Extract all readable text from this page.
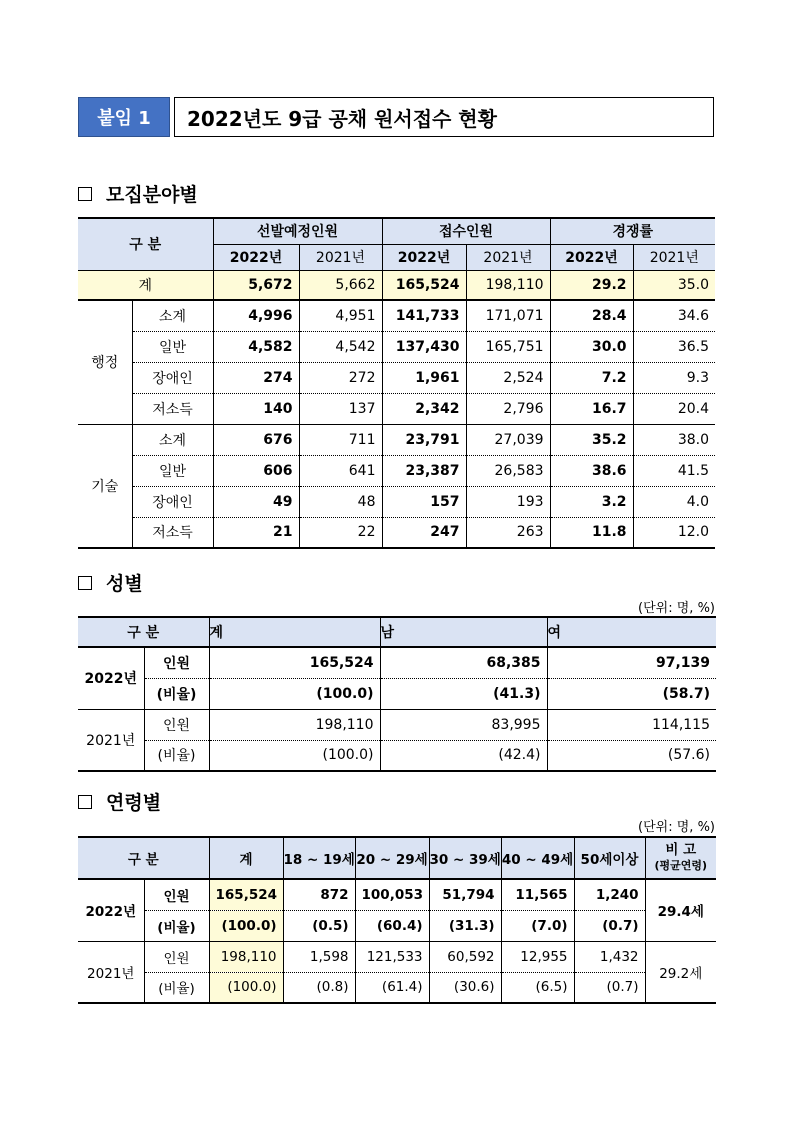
붙임 1	2022년도 9급 공채 원서접수 현황
모집분야별
구 분		선발예정인원		접수인원		경쟁률	
		2022년	2021년	2022년	2021년	2022년	2021년
계		5,672	5,662	165,524	198,110	29.2	35.0
행정	소계	4,996	4,951	141,733	171,071	28.4	34.6
	일반	4,582	4,542	137,430	165,751	30.0	36.5
	장애인	274	272	1,961	2,524	7.2	9.3
	저소득	140	137	2,342	2,796	16.7	20.4
기술	소계	676	711	23,791	27,039	35.2	38.0
	일반	606	641	23,387	26,583	38.6	41.5
	장애인	49	48	157	193	3.2	4.0
	저소득	21	22	247	263	11.8	12.0
성별
(단위: 명, %)
구 분		계	남	여
2022년	인원	165,524	68,385	97,139
	(비율)	(100.0)	(41.3)	(58.7)
2021년	인원	198,110	83,995	114,115
	(비율)	(100.0)	(42.4)	(57.6)
연령별
(단위: 명, %)
구 분		계	18 ~ 19세	20 ~ 29세	30 ~ 39세	40 ~ 49세	50세이상	비 고
(평균연령)

2022년	인원	165,524	872	100,053	51,794	11,565	1,240	29.4세
	(비율)	(100.0)	(0.5)	(60.4)	(31.3)	(7.0)	(0.7)	
2021년	인원	198,110	1,598	121,533	60,592	12,955	1,432	29.2세
	(비율)	(100.0)	(0.8)	(61.4)	(30.6)	(6.5)	(0.7)	
